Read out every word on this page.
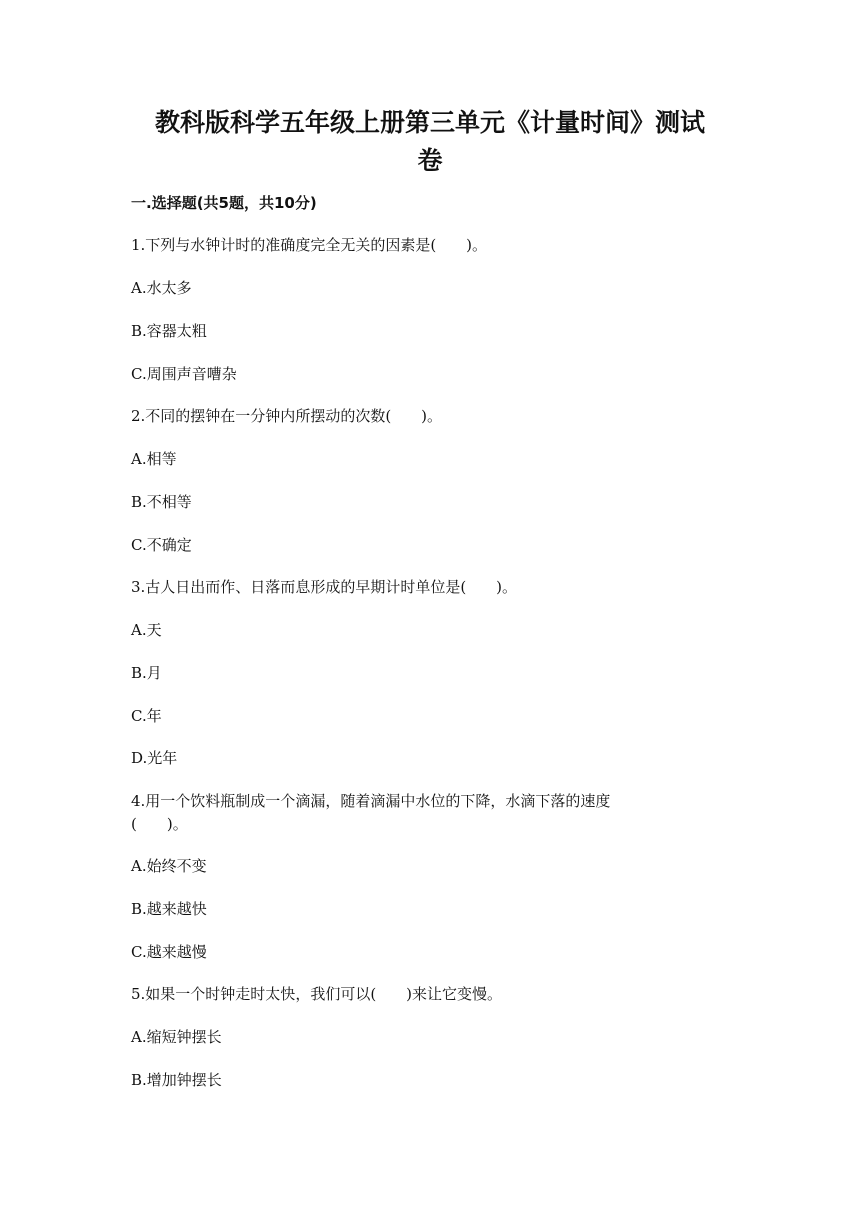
教科版科学五年级上册第三单元《计量时间》测试
卷
一.选择题(共5题，共10分)
1.下列与水钟计时的准确度完全无关的因素是(　　)。
A.水太多
B.容器太粗
C.周围声音嘈杂
2.不同的摆钟在一分钟内所摆动的次数(　　)。
A.相等
B.不相等
C.不确定
3.古人日出而作、日落而息形成的早期计时单位是(　　)。
A.天
B.月
C.年
D.光年
4.用一个饮料瓶制成一个滴漏，随着滴漏中水位的下降，水滴下落的速度
(　　)。
A.始终不变
B.越来越快
C.越来越慢
5.如果一个时钟走时太快，我们可以(　　)来让它变慢。
A.缩短钟摆长
B.增加钟摆长
